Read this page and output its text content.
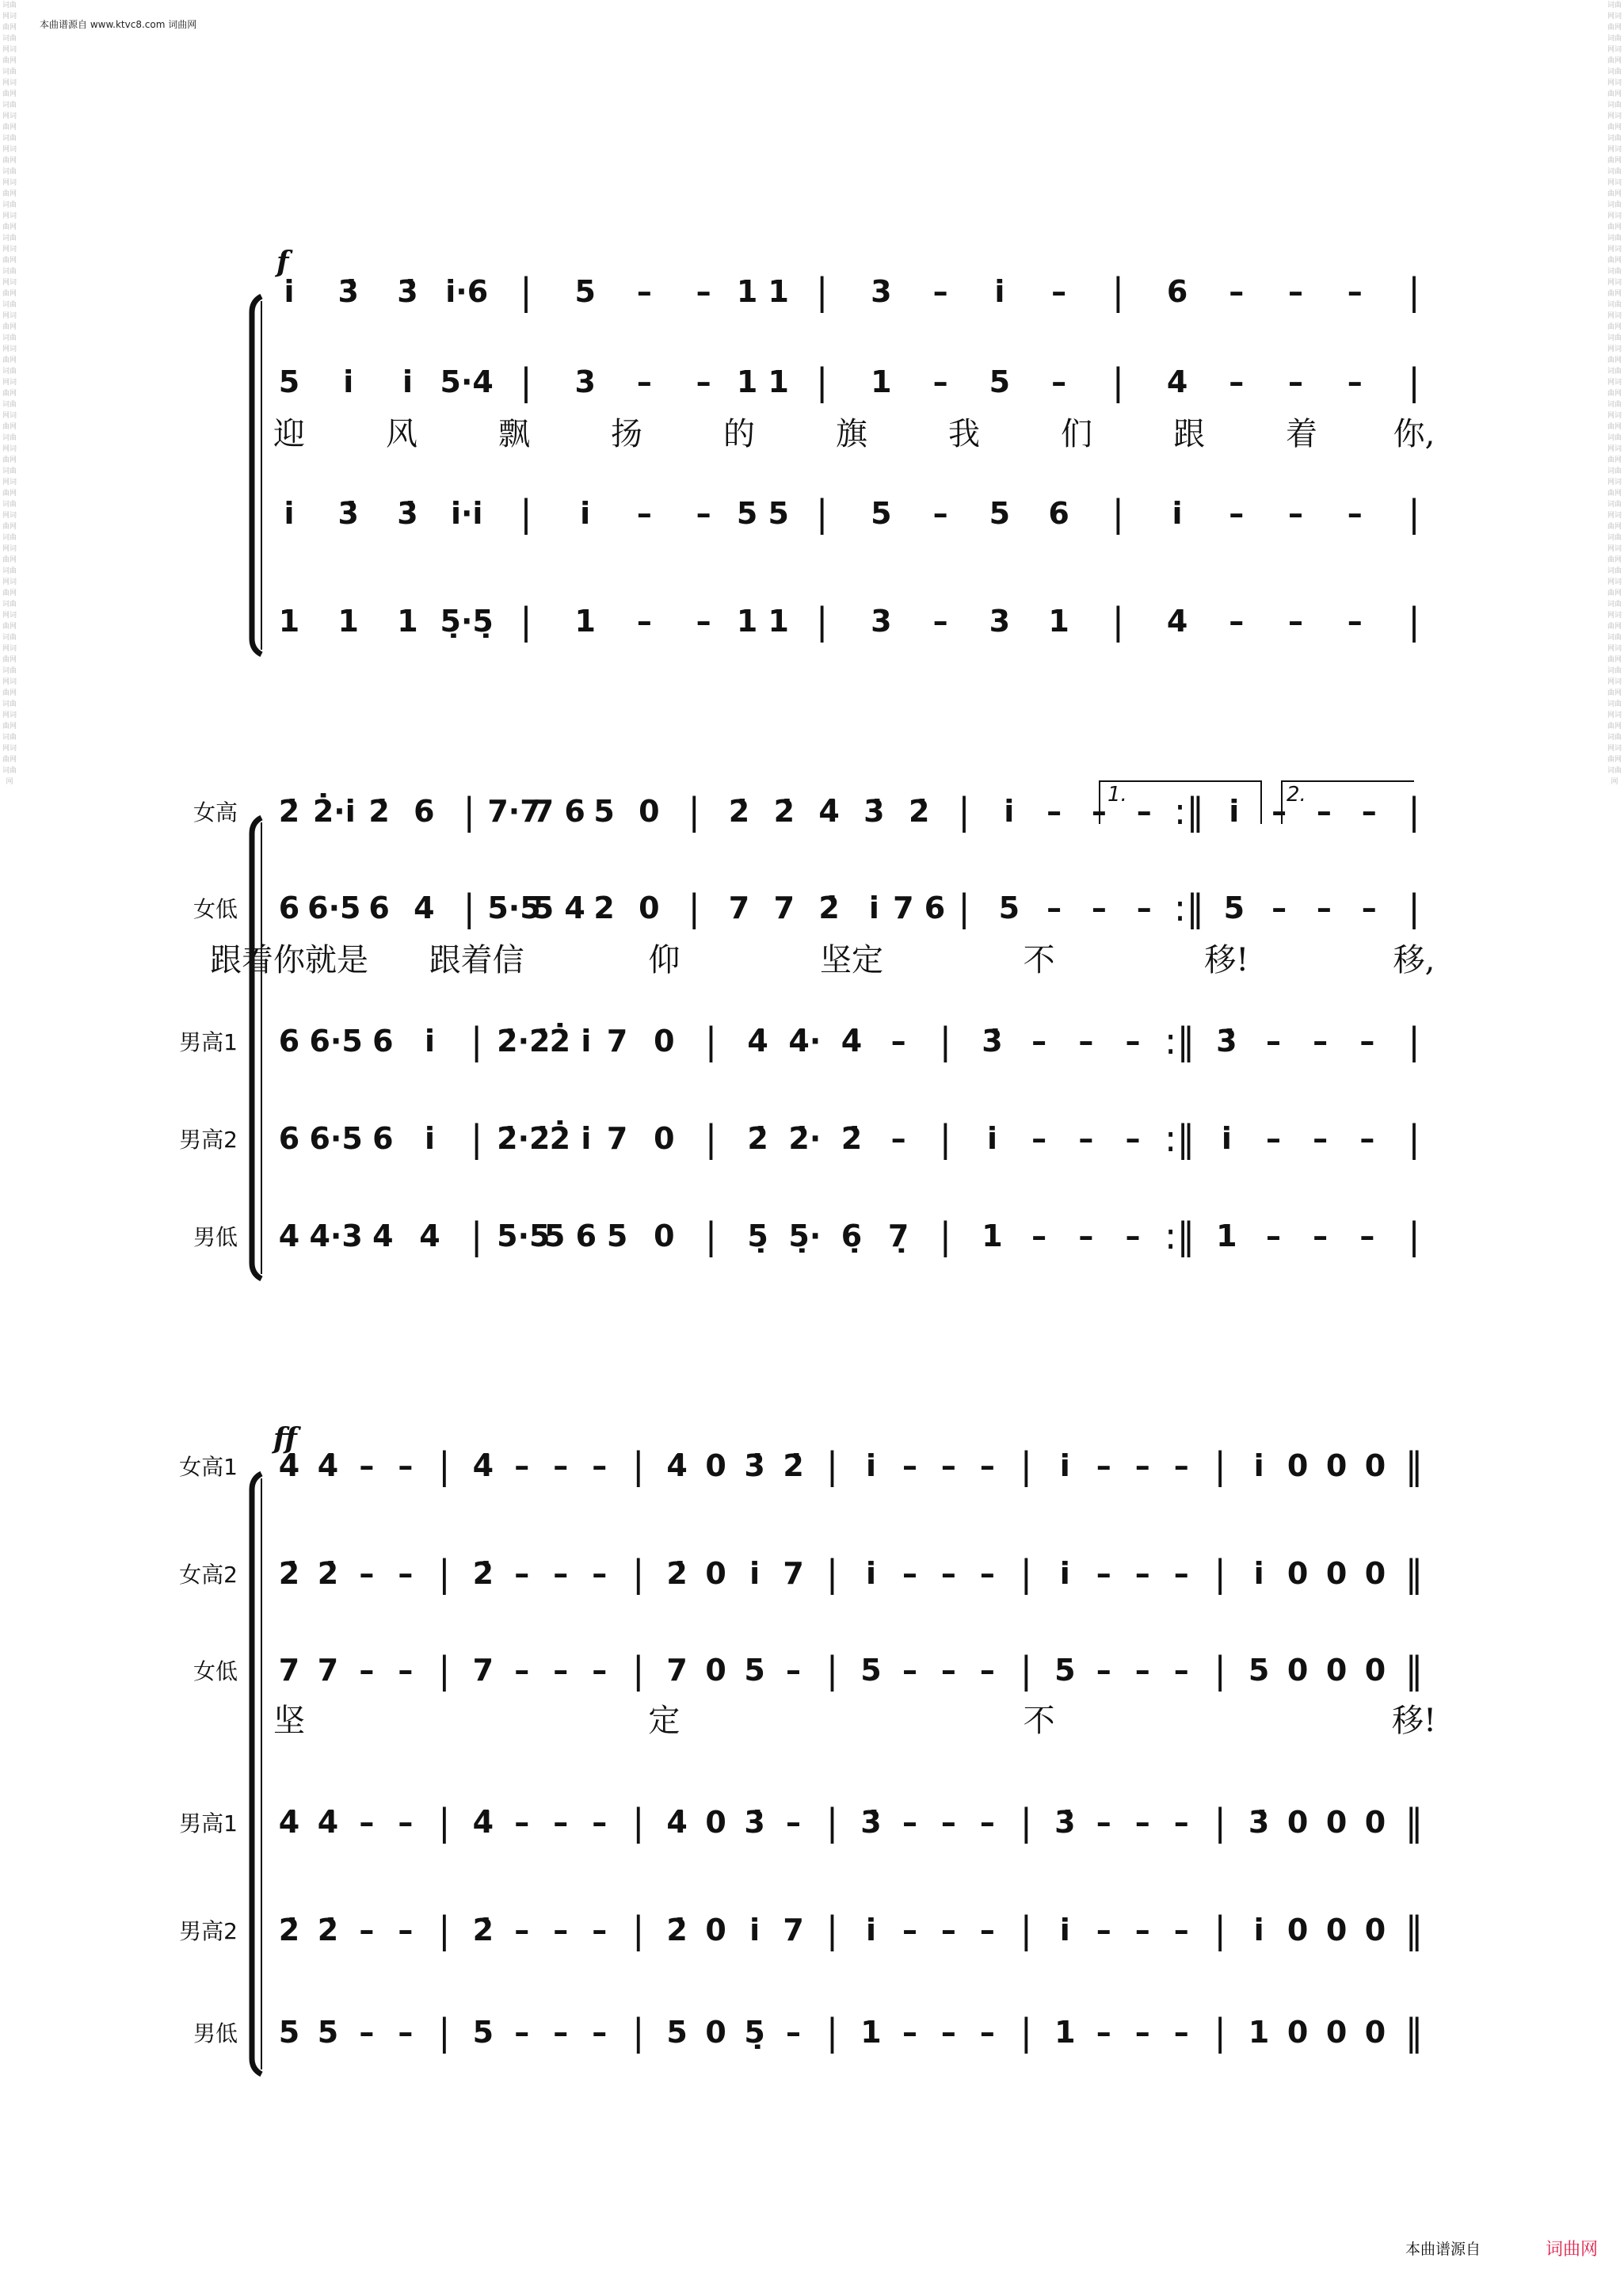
本曲谱源自 www.ktvc8.com 词曲网
词曲网词曲网词曲网词曲网词曲网词曲网词曲网词曲网词曲网词曲网词曲网词曲网词曲网词曲网词曲网词曲网词曲网词曲网词曲网词曲网词曲网词曲网词曲网词曲网词曲网词曲网词曲网词曲网词曲网词曲网词曲网词曲网词曲网词曲网词曲网词曲网词曲网词曲网词曲网词曲网词曲网词曲网词曲网词曲网词曲网词曲网词曲网
词曲网词曲网词曲网词曲网词曲网词曲网词曲网词曲网词曲网词曲网词曲网词曲网词曲网词曲网词曲网词曲网词曲网词曲网词曲网词曲网词曲网词曲网词曲网词曲网词曲网词曲网词曲网词曲网词曲网词曲网词曲网词曲网词曲网词曲网词曲网词曲网词曲网词曲网词曲网词曲网词曲网词曲网词曲网词曲网词曲网词曲网词曲网
本曲谱源自	词曲网
f
ff
1.	2.
i̇ 3̇ 3̇ i̇·6 | 5 – – 1 1 | 3 – i̇ – | 6 – – – |
5 i̇ i̇ 5·4 | 3 – – 1 1 | 1 – 5 – | 4 – – – |
迎	风	飘	扬	的	旗	我	们	跟	着 你,
i̇ 3̇ 3̇ i̇·i̇ | i̇ – – 5 5 | 5 – 5 6 | i̇ – – – |
1 1 1 5̣·5̣ | 1 – – 1 1 | 3 – 3 1 | 4 – – – |
女高 2̇ 2̇·i̇ 2̇ 6 | 7·7
7 6 5 0 | 2̇ 2̇ 4̇ 3̇ 2̇ | i̇ – – – :‖ i̇ – – – |
女低 6 6·5 6 4 | 5·5
5 4 2 0 | 7 7 2̇ i̇ 7 6 | 5 – – – :‖ 5 – – – |
跟着你就是 跟着信	仰	坚定	不	移!	移,
男高1 6 6·5 6 i̇ | 2̇·2̇ 2̇ i̇ 7 0 | 4̇ 4̇· 4̇ – | 3̇ – – – :‖ 3̇ – – – |
男高2 6 6·5 6 i̇ | 2̇·2̇ 2̇ i̇ 7 0 | 2̇ 2̇· 2̇ – | i̇ – – – :‖ i̇ – – – |
男低 4 4·3 4 4 | 5·5
5 6 5 0 | 5̣ 5̣· 6̣ 7̣ | 1 – – – :‖ 1 – – – |
女高1 4̇ 4̇ – – | 4̇ – – – | 4̇ 0 3̇ 2̇ | i̇ – – – | i̇ – – – | i̇ 0 0 0 ‖
女高2 2̇ 2̇ – – | 2̇ – – – | 2̇ 0 i̇ 7 | i̇ – – – | i̇ – – – | i̇ 0 0 0 ‖
女低 7 7 – – | 7 – – – | 7 0 5 – | 5 – – – | 5 – – – | 5 0 0 0 ‖
坚	定	不	移!
男高1 4̇ 4̇ – – | 4̇ – – – | 4̇ 0 3̇ – | 3̇ – – – | 3̇ – – – | 3̇ 0 0 0 ‖
男高2 2̇ 2̇ – – | 2̇ – – – | 2̇ 0 i̇ 7 | i̇ – – – | i̇ – – – | i̇ 0 0 0 ‖
男低 5 5 – – | 5 – – – | 5 0 5̣ – | 1 – – – | 1 – – – | 1 0 0 0 ‖
